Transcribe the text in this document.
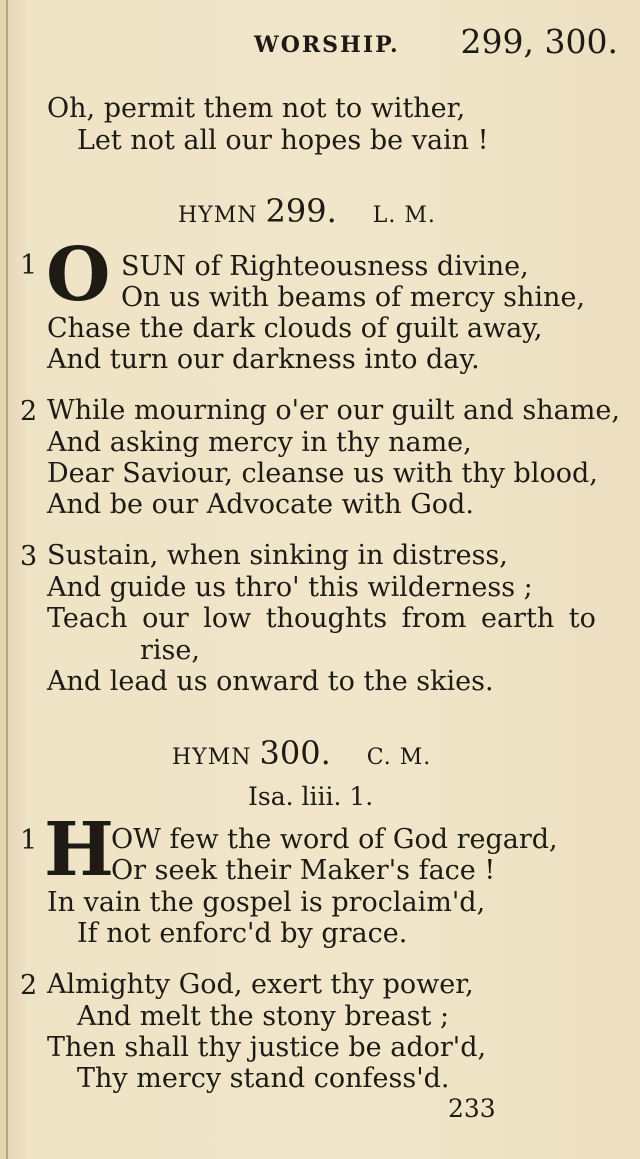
WORSHIP. 299, 300.
Oh, permit them not to wither,
Let not all our hopes be vain !
HYMN 299. L. M.
1 O SUN of Righteousness divine,
On us with beams of mercy shine,
Chase the dark clouds of guilt away,
And turn our darkness into day.
2 While mourning o'er our guilt and shame,
And asking mercy in thy name,
Dear Saviour, cleanse us with thy blood,
And be our Advocate with God.
3 Sustain, when sinking in distress,
And guide us thro' this wilderness ;
Teach our low thoughts from earth to
rise,
And lead us onward to the skies.
HYMN 300. C. M.
Isa. liii. 1.
1 H
OW few the word of God regard,
Or seek their Maker's face !
In vain the gospel is proclaim'd,
If not enforc'd by grace.
2 Almighty God, exert thy power,
And melt the stony breast ;
Then shall thy justice be ador'd,
Thy mercy stand confess'd.
233
